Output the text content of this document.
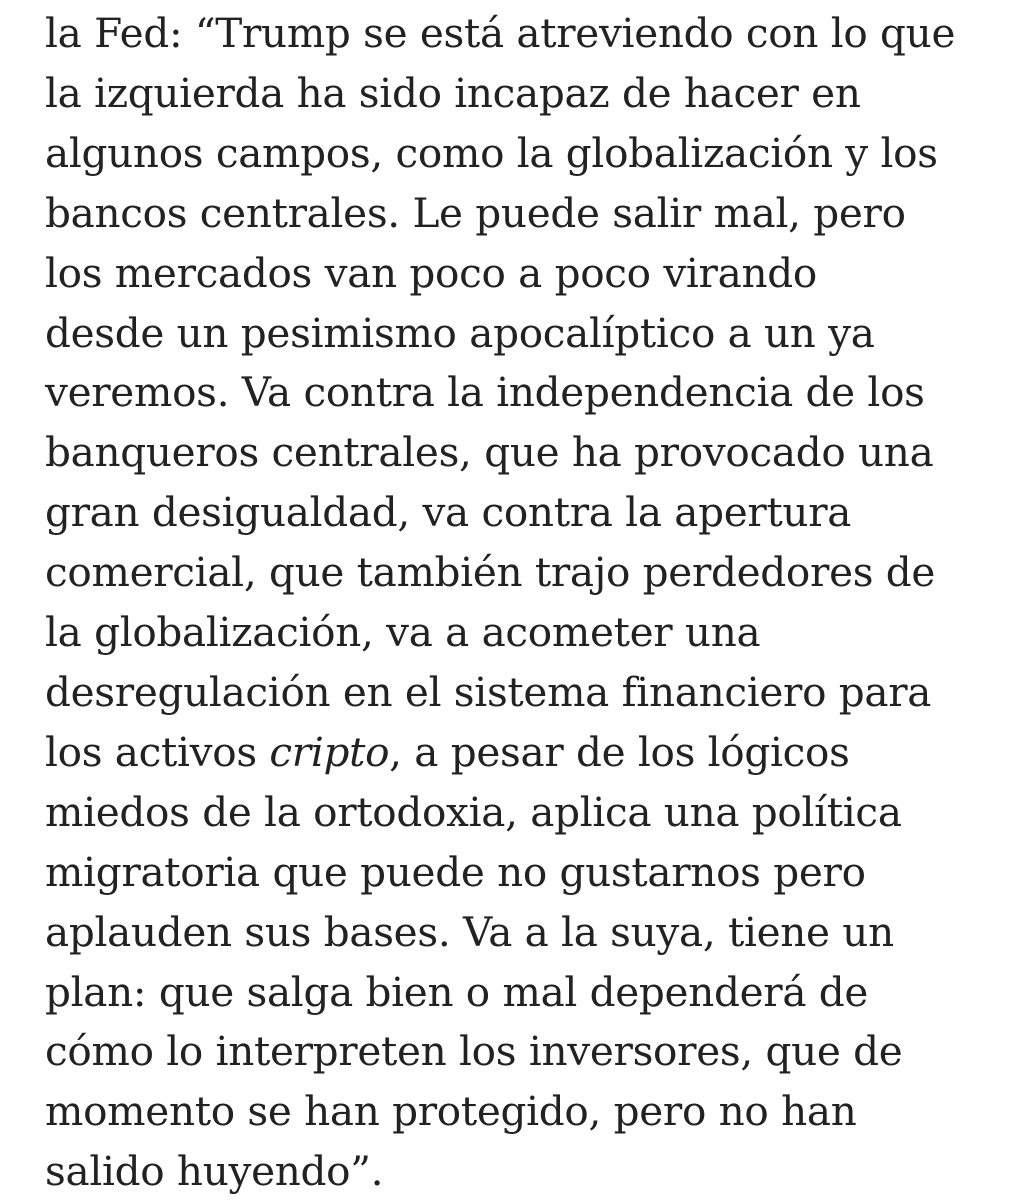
la Fed: “Trump se está atreviendo con lo que
la izquierda ha sido incapaz de hacer en
algunos campos, como la globalización y los
bancos centrales. Le puede salir mal, pero
los mercados van poco a poco virando
desde un pesimismo apocalíptico a un ya
veremos. Va contra la independencia de los
banqueros centrales, que ha provocado una
gran desigualdad, va contra la apertura
comercial, que también trajo perdedores de
la globalización, va a acometer una
desregulación en el sistema financiero para
los activos cripto, a pesar de los lógicos
miedos de la ortodoxia, aplica una política
migratoria que puede no gustarnos pero
aplauden sus bases. Va a la suya, tiene un
plan: que salga bien o mal dependerá de
cómo lo interpreten los inversores, que de
momento se han protegido, pero no han
salido huyendo”.
